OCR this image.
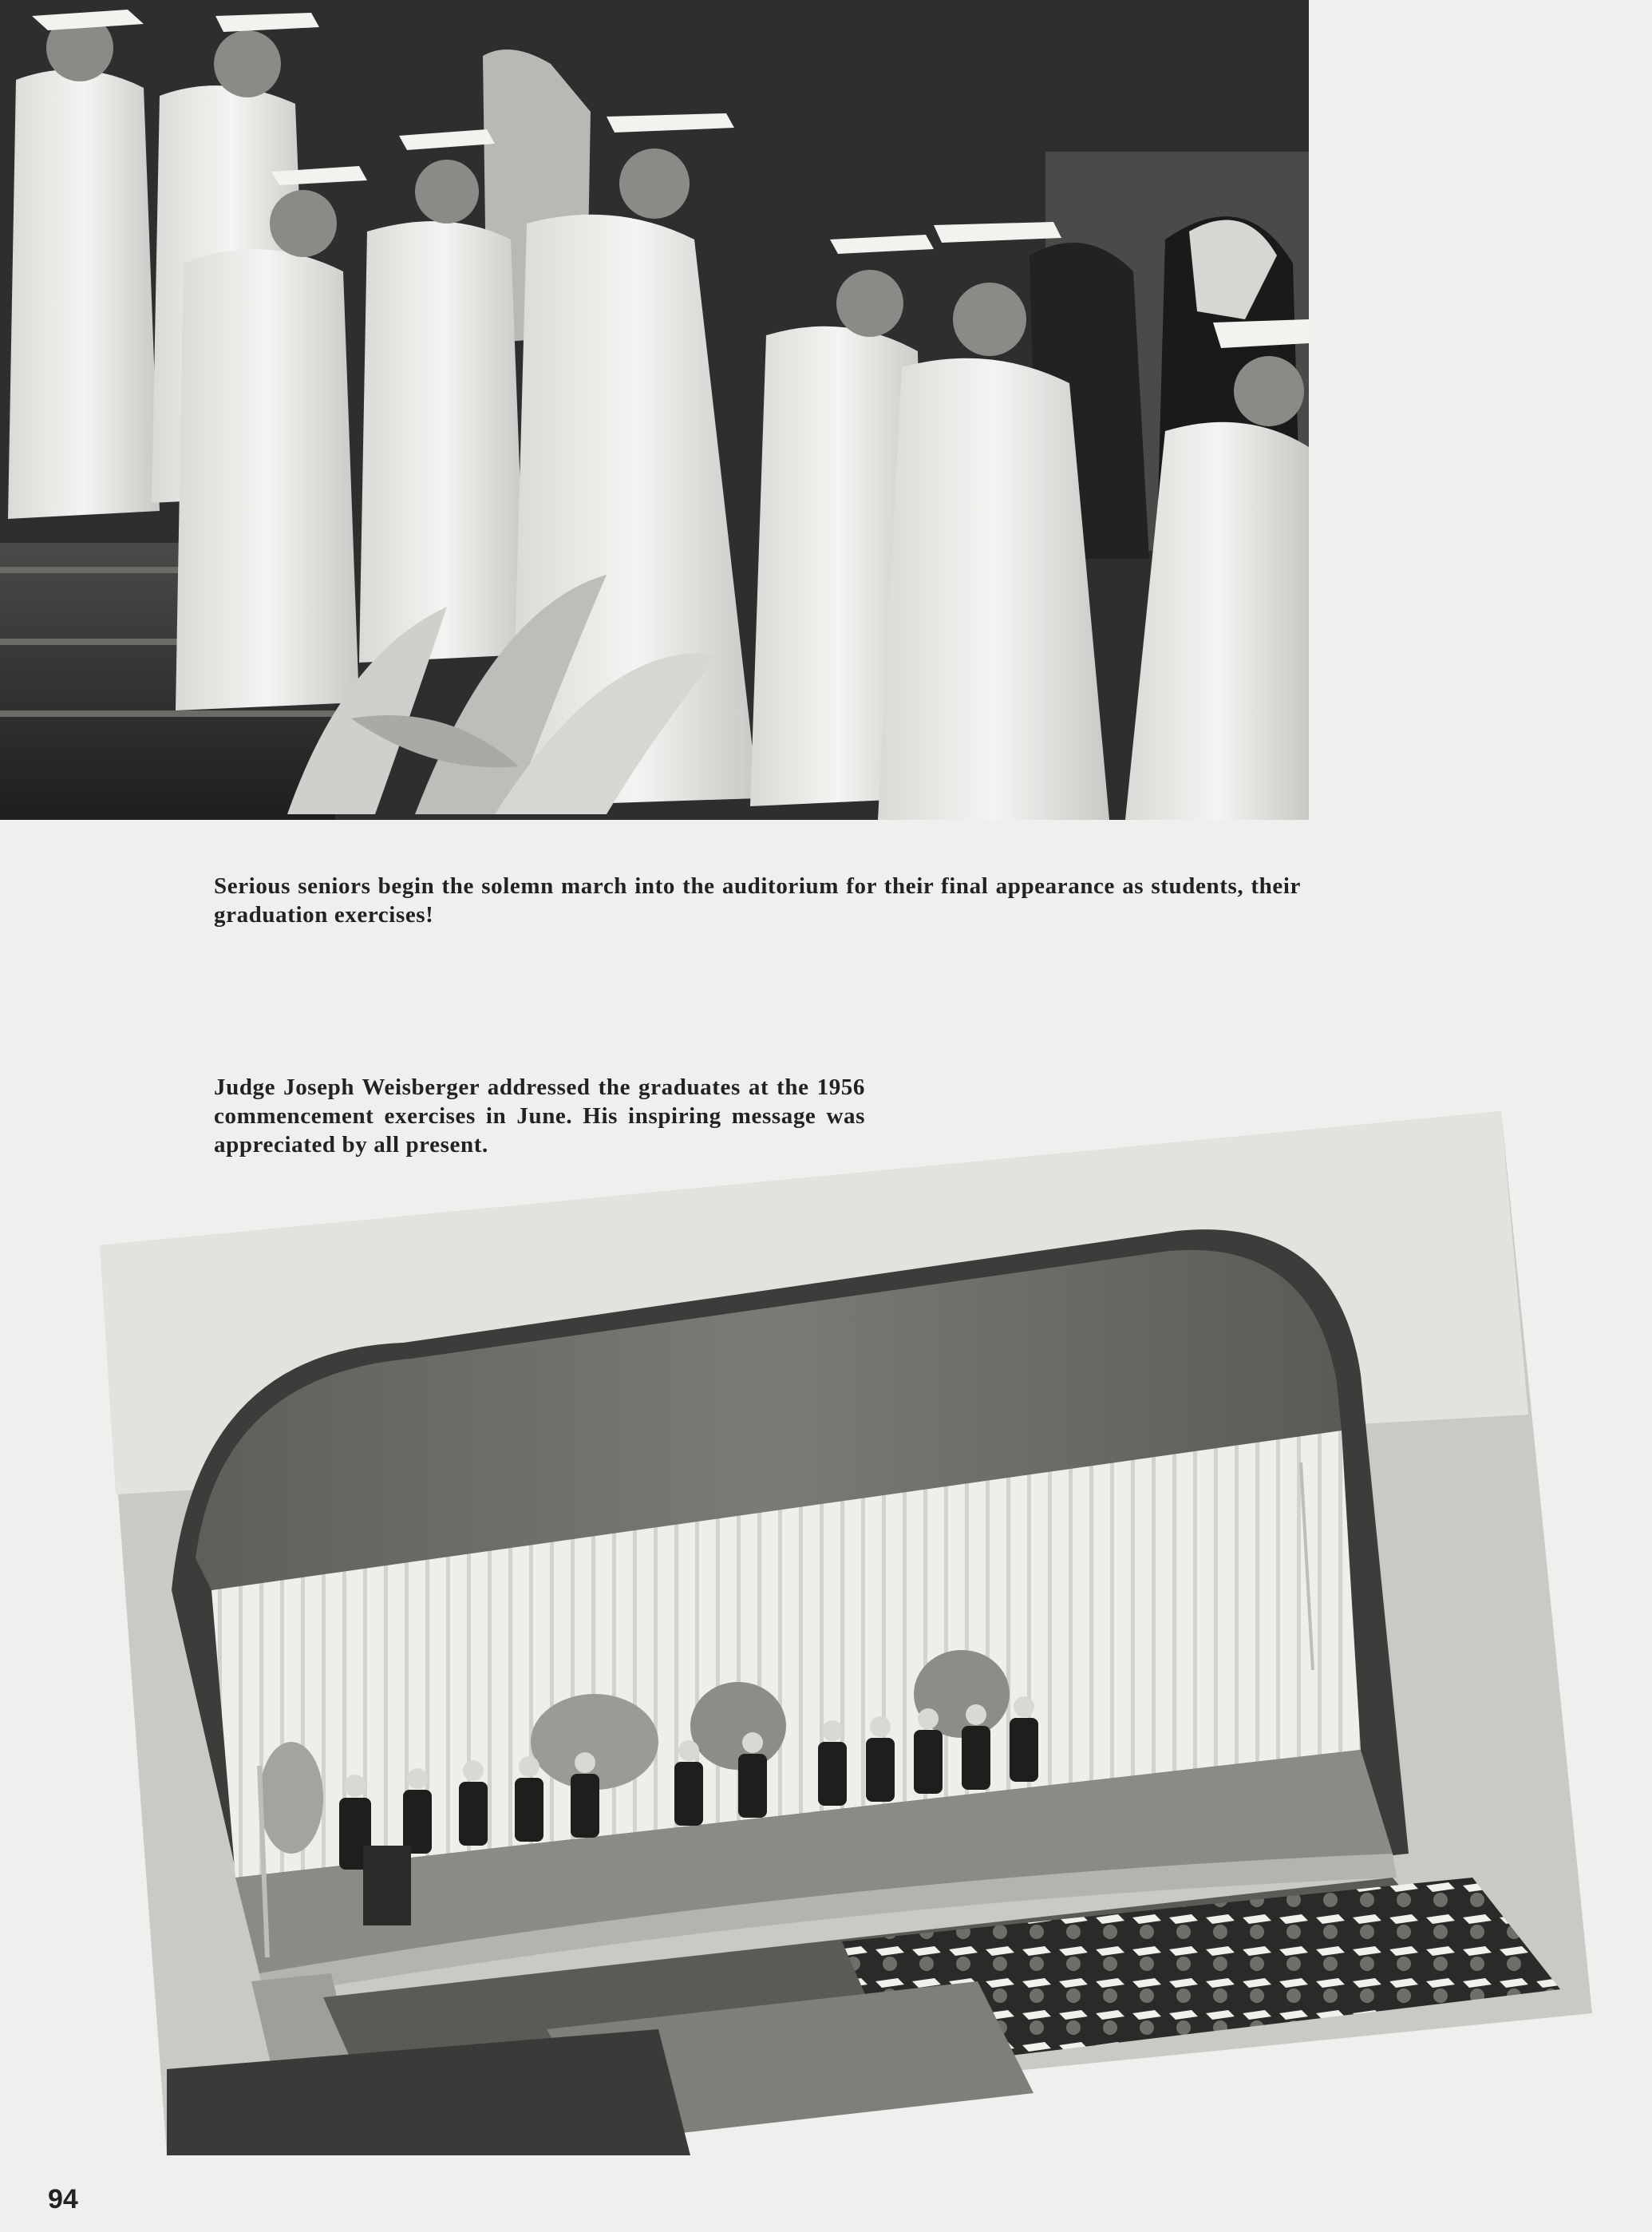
Serious seniors begin the solemn march into the auditorium for their final appearance as students, their graduation exercises!

Judge Joseph Weisberger addressed the graduates at the 1956 commencement exercises in June. His inspiring message was appreciated by all present.

94
